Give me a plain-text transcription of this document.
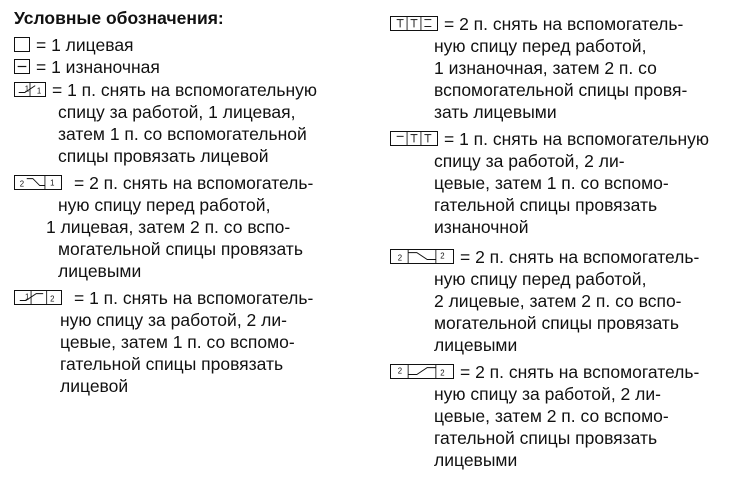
Условные обозначения:
= 1 лицевая
= 1 изнаночная
1 1 = 1 п. снять на вспомогательную
спицу за работой, 1 лицевая,
затем 1 п. со вспомогательной
спицы провязать лицевой
2	1 = 2 п. снять на вспомогатель-
ную спицу перед работой,
1 лицевая, затем 2 п. со вспо-
могательной спицы провязать
лицевыми
1 2 = 1 п. снять на вспомогатель-
ную спицу за работой, 2 ли-
цевые, затем 1 п. со вспомо-
гательной спицы провязать
лицевой
= 2 п. снять на вспомогатель-
ную спицу перед работой,
1 изнаночная, затем 2 п. со
вспомогательной спицы провя-
зать лицевыми
= 1 п. снять на вспомогательную
спицу за работой, 2 ли-
цевые, затем 1 п. со вспомо-
гательной спицы провязать
изнаночной
2	2 = 2 п. снять на вспомогатель-
ную спицу перед работой,
2 лицевые, затем 2 п. со вспо-
могательной спицы провязать
лицевыми
2	2 = 2 п. снять на вспомогатель-
ную спицу за работой, 2 ли-
цевые, затем 2 п. со вспомо-
гательной спицы провязать
лицевыми
